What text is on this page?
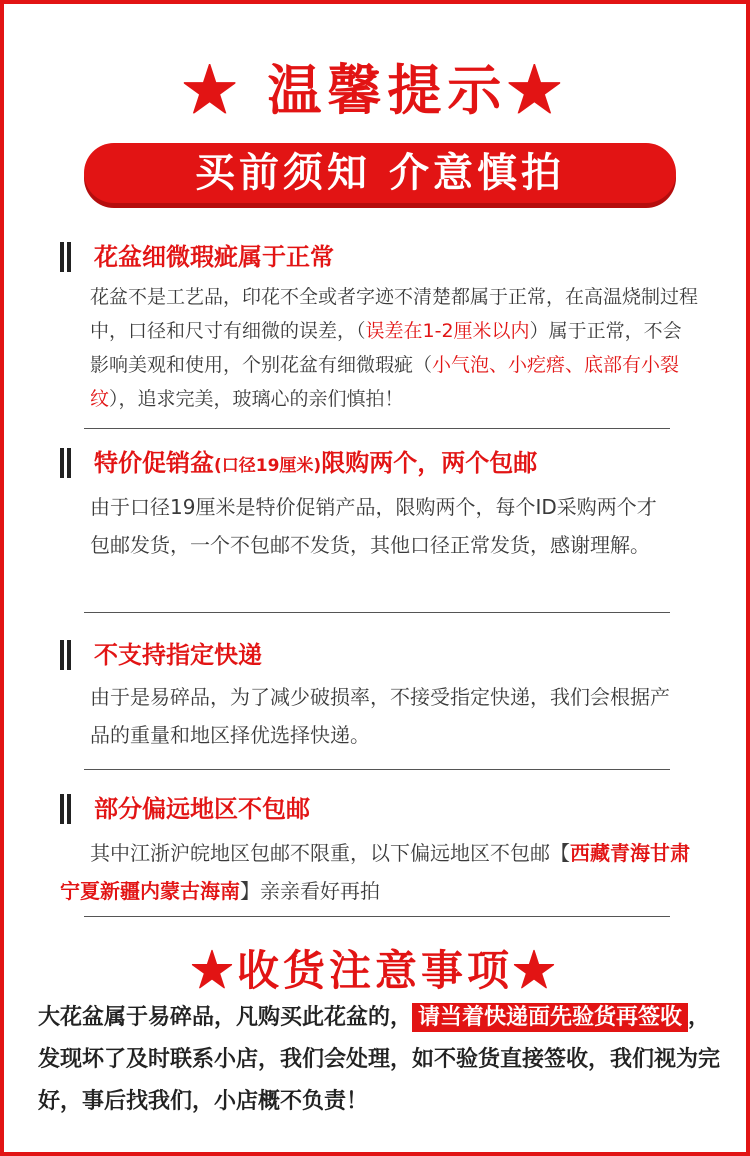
★ 温馨提示★
买前须知 介意慎拍
花盆细微瑕疵属于正常
花盆不是工艺品，印花不全或者字迹不清楚都属于正常，在高温烧制过程中，口径和尺寸有细微的误差，（误差在1-2厘米以内）属于正常，不会影响美观和使用，个别花盆有细微瑕疵（小气泡、小疙瘩、底部有小裂纹），追求完美，玻璃心的亲们慎拍！
特价促销盆(口径19厘米)限购两个，两个包邮
由于口径19厘米是特价促销产品，限购两个，每个ID采购两个才包邮发货，一个不包邮不发货，其他口径正常发货，感谢理解。
不支持指定快递
由于是易碎品，为了减少破损率，不接受指定快递，我们会根据产品的重量和地区择优选择快递。
部分偏远地区不包邮
其中江浙沪皖地区包邮不限重，以下偏远地区不包邮【西藏青海甘肃宁夏新疆内蒙古海南】亲亲看好再拍
★收货注意事项★
大花盆属于易碎品，凡购买此花盆的， 请当着快递面先验货再签收 ，发现坏了及时联系小店，我们会处理，如不验货直接签收，我们视为完好，事后找我们，小店概不负责！
